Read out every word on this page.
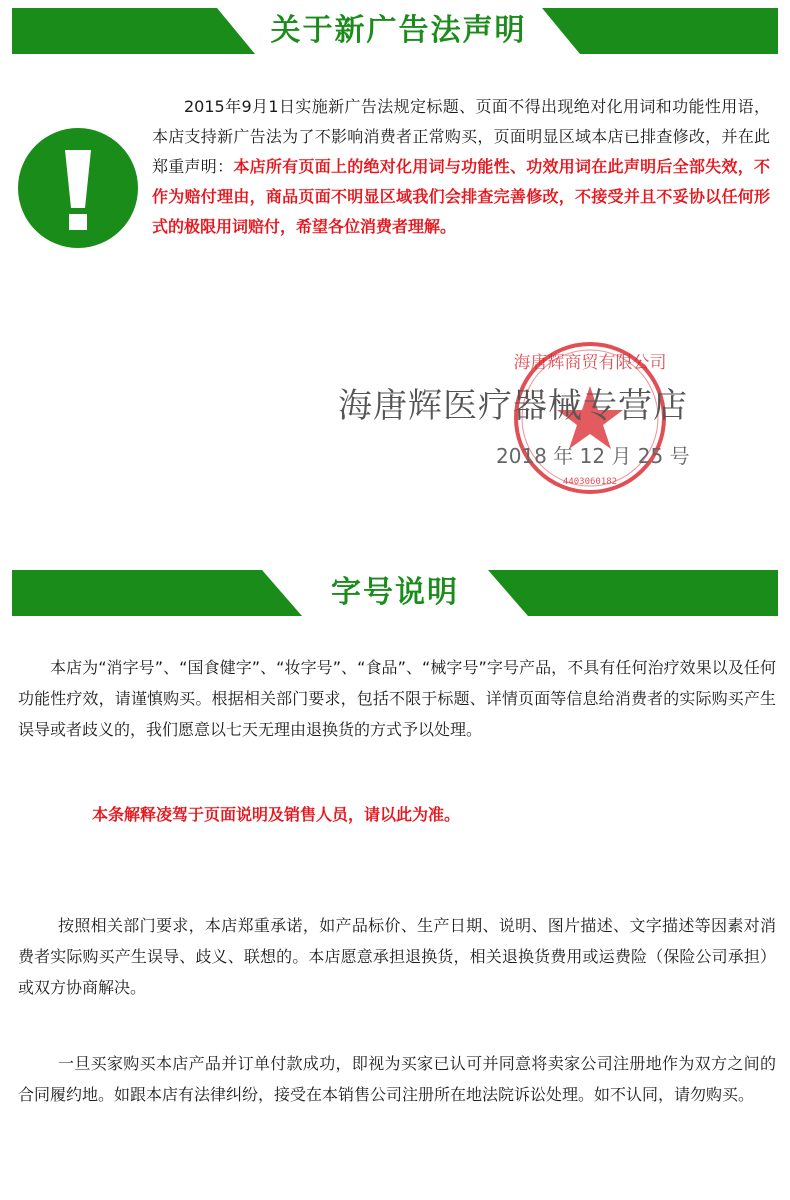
关于新广告法声明
2015年9月1日实施新广告法规定标题、页面不得出现绝对化用词和功能性用语，本店支持新广告法为了不影响消费者正常购买，页面明显区域本店已排查修改，并在此郑重声明：本店所有页面上的绝对化用词与功能性、功效用词在此声明后全部失效，不作为赔付理由，商品页面不明显区域我们会排查完善修改，不接受并且不妥协以任何形式的极限用词赔付，希望各位消费者理解。
海唐辉商贸有限公司
4403060182
海唐辉医疗器械专营店
2018 年 12 月 25 号
字号说明
本店为“消字号”、“国食健字”、“妆字号”、“食品”、“械字号”字号产品，不具有任何治疗效果以及任何功能性疗效，请谨慎购买。根据相关部门要求，包括不限于标题、详情页面等信息给消费者的实际购买产生误导或者歧义的，我们愿意以七天无理由退换货的方式予以处理。
本条解释凌驾于页面说明及销售人员，请以此为准。
按照相关部门要求，本店郑重承诺，如产品标价、生产日期、说明、图片描述、文字描述等因素对消费者实际购买产生误导、歧义、联想的。本店愿意承担退换货，相关退换货费用或运费险（保险公司承担）或双方协商解决。
一旦买家购买本店产品并订单付款成功，即视为买家已认可并同意将卖家公司注册地作为双方之间的合同履约地。如跟本店有法律纠纷，接受在本销售公司注册所在地法院诉讼处理。如不认同，请勿购买。
